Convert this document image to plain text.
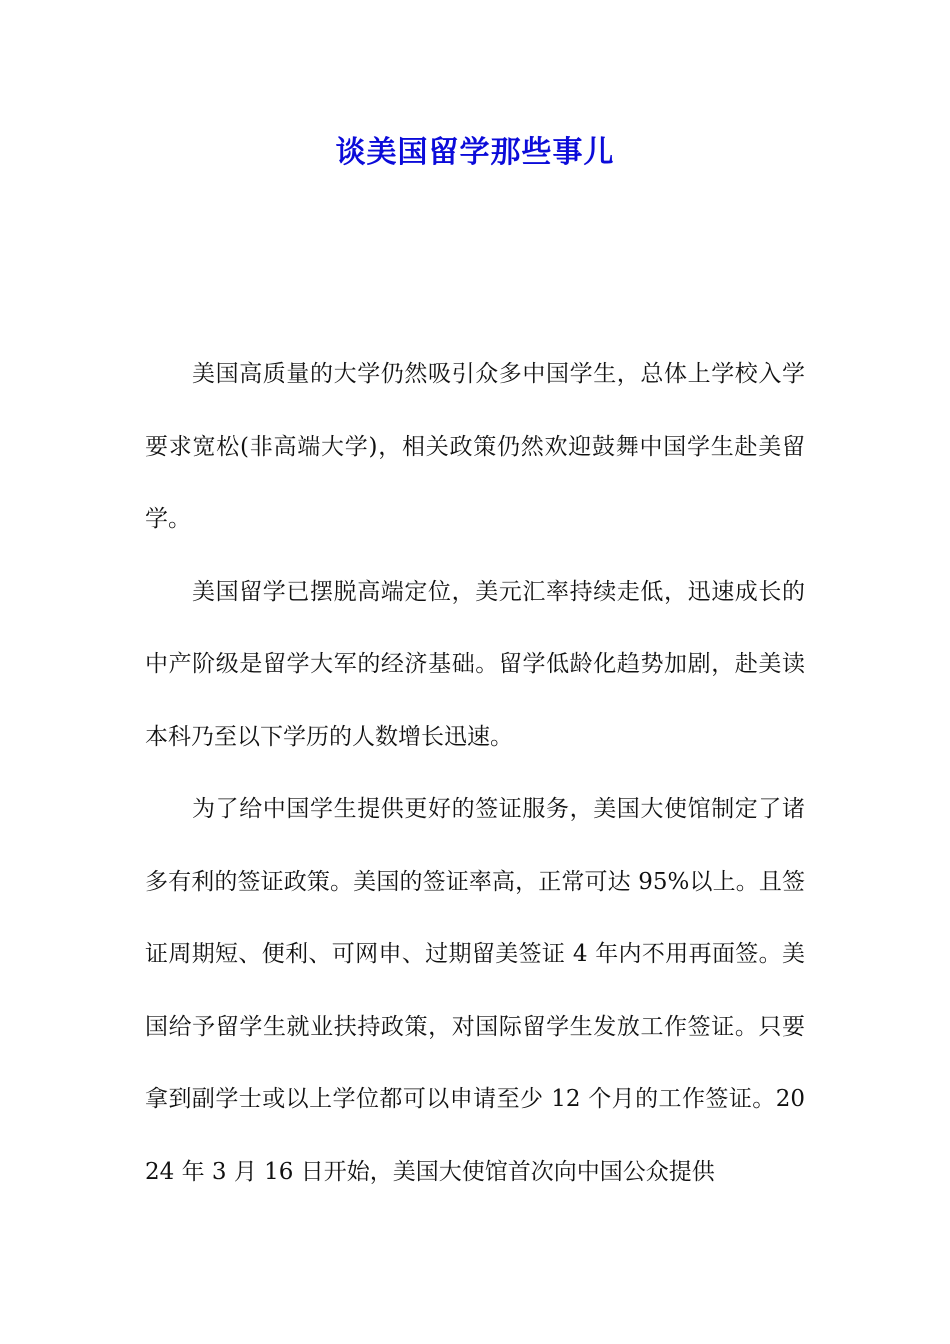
谈美国留学那些事儿

美国高质量的大学仍然吸引众多中国学生，总体上学校入学要求宽松(非高端大学)，相关政策仍然欢迎鼓舞中国学生赴美留学。

美国留学已摆脱高端定位，美元汇率持续走低，迅速成长的中产阶级是留学大军的经济基础。留学低龄化趋势加剧，赴美读本科乃至以下学历的人数增长迅速。

为了给中国学生提供更好的签证服务，美国大使馆制定了诸多有利的签证政策。美国的签证率高，正常可达 95%以上。且签证周期短、便利、可网申、过期留美签证 4 年内不用再面签。美国给予留学生就业扶持政策，对国际留学生发放工作签证。只要拿到副学士或以上学位都可以申请至少 12 个月的工作签证。2024 年 3 月 16 日开始，美国大使馆首次向中国公众提供
